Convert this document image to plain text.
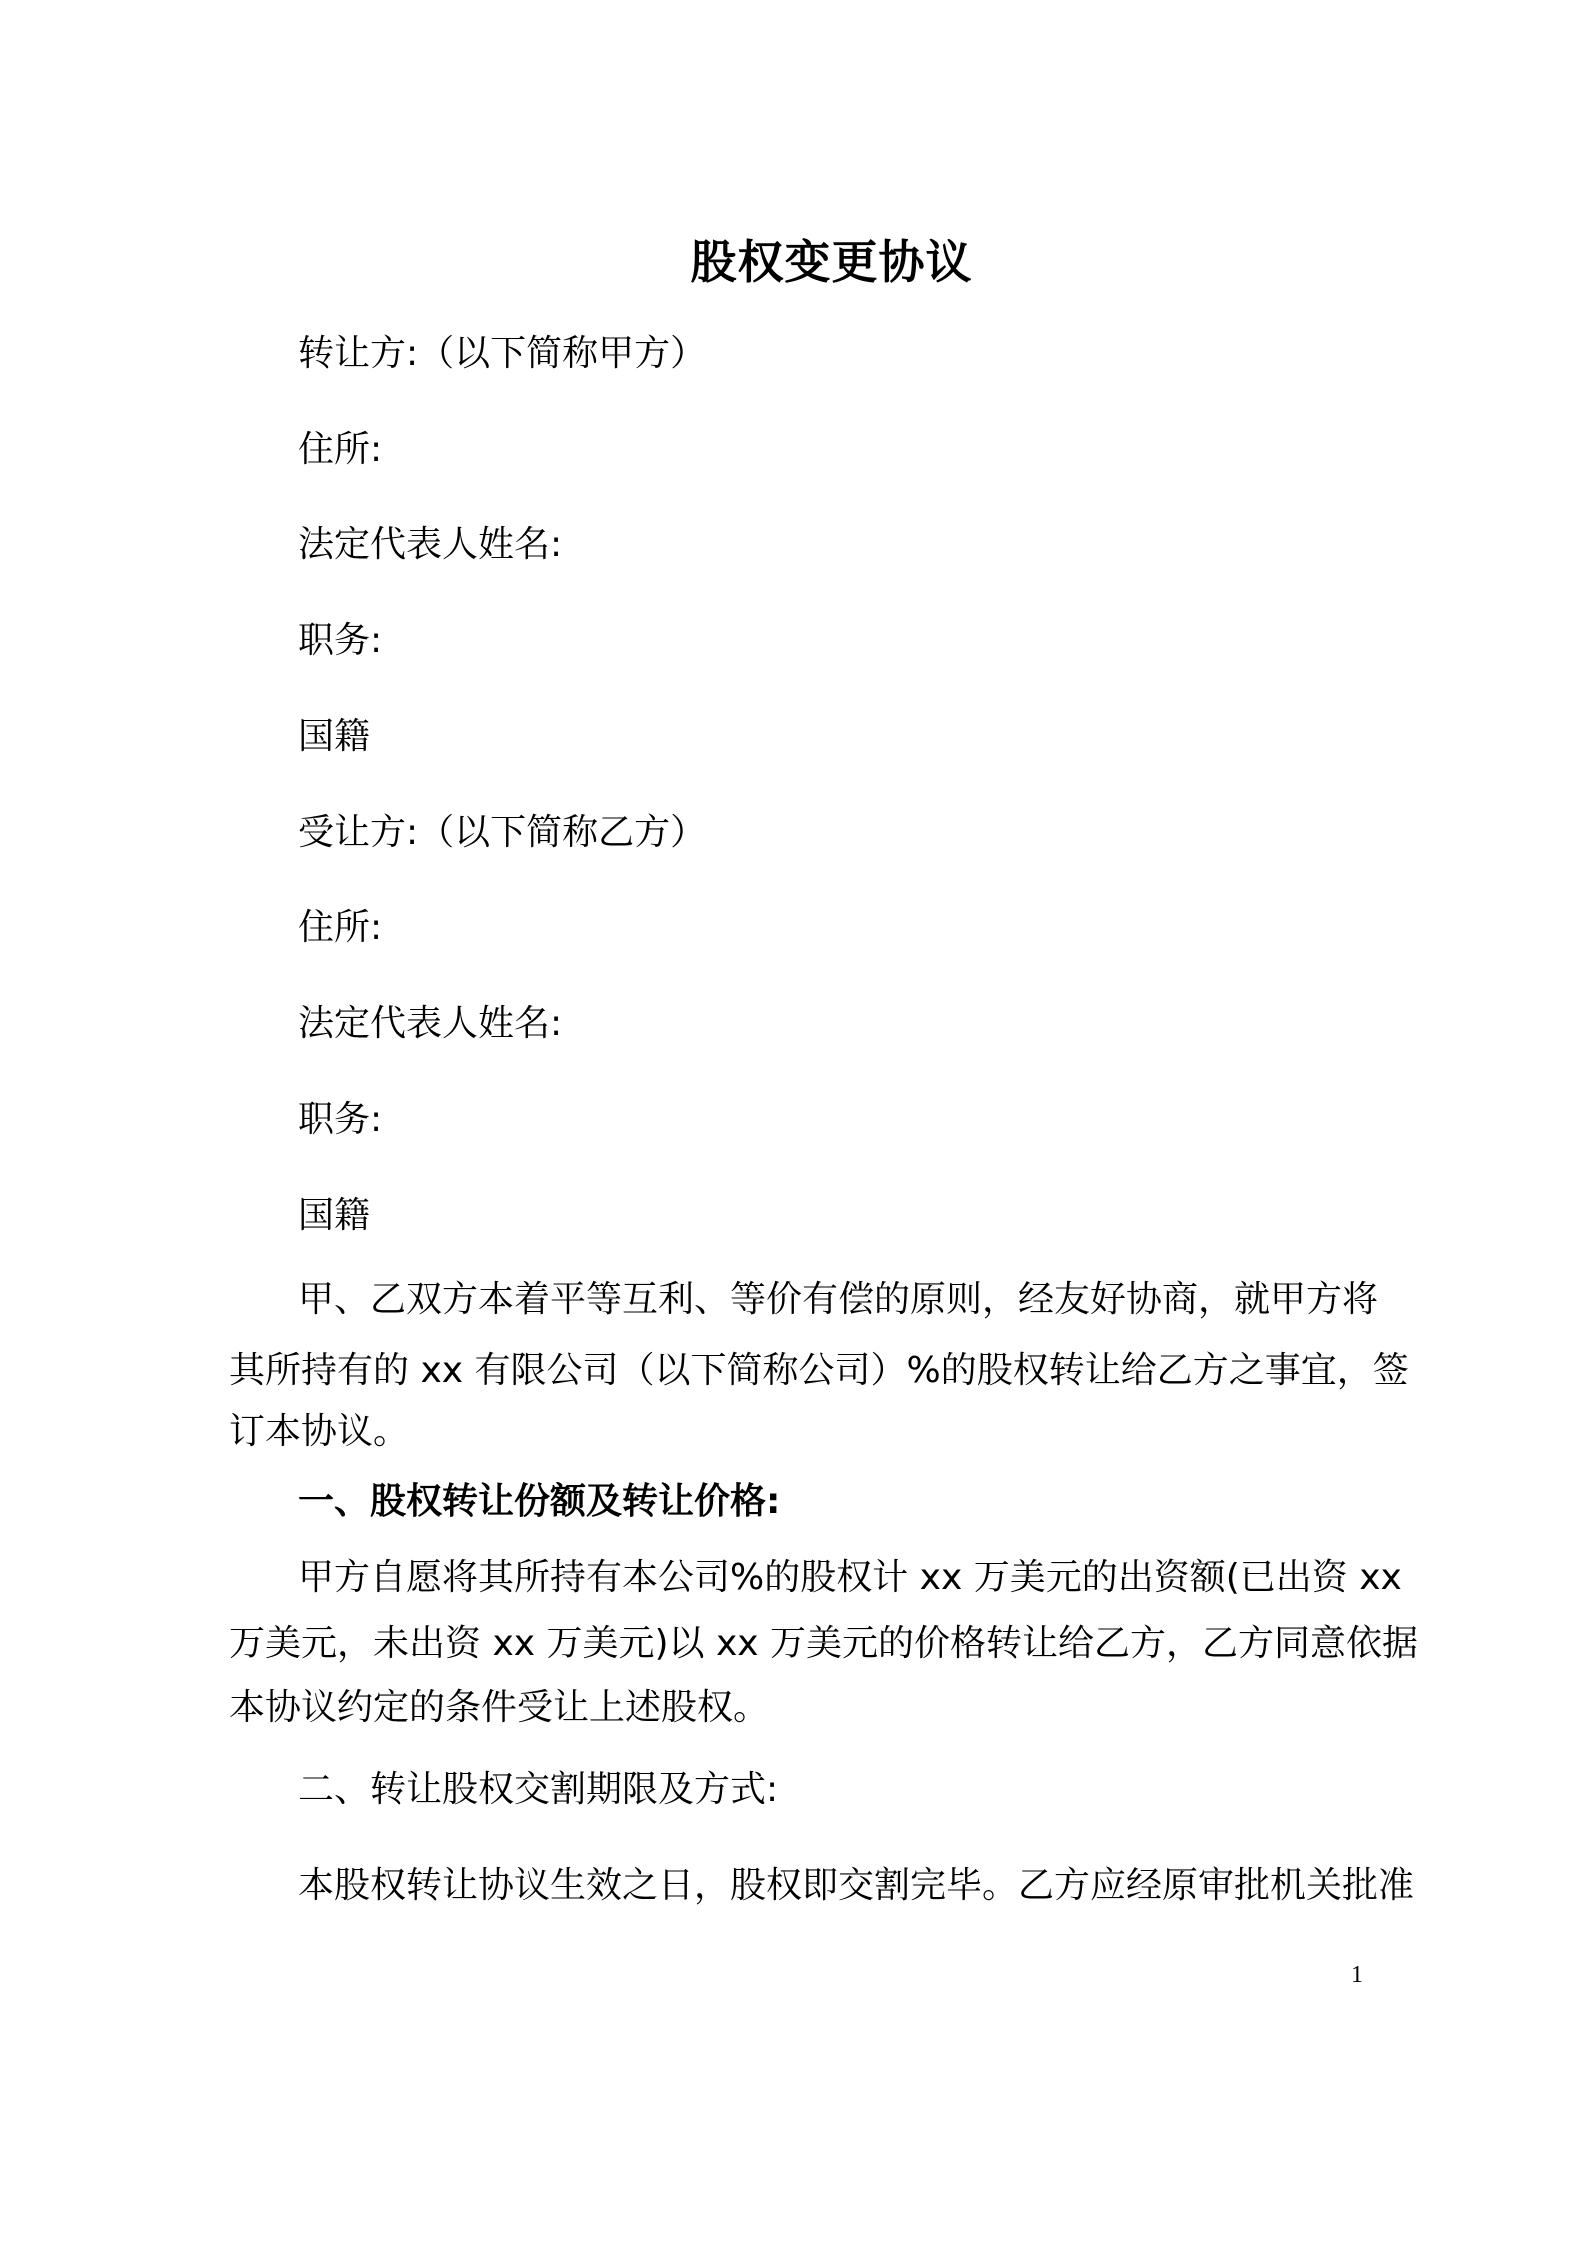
股权变更协议
转让方:（以下简称甲方）
住所:
法定代表人姓名:
职务:
国籍
受让方:（以下简称乙方）
住所:
法定代表人姓名:
职务:
国籍
甲、乙双方本着平等互利、等价有偿的原则，经友好协商，就甲方将
其所持有的 xx 有限公司（以下简称公司）%的股权转让给乙方之事宜，签
订本协议。
一、股权转让份额及转让价格:
甲方自愿将其所持有本公司%的股权计 xx 万美元的出资额(已出资 xx
万美元，未出资 xx 万美元)以 xx 万美元的价格转让给乙方，乙方同意依据
本协议约定的条件受让上述股权。
二、转让股权交割期限及方式:
本股权转让协议生效之日，股权即交割完毕。乙方应经原审批机关批准
1
